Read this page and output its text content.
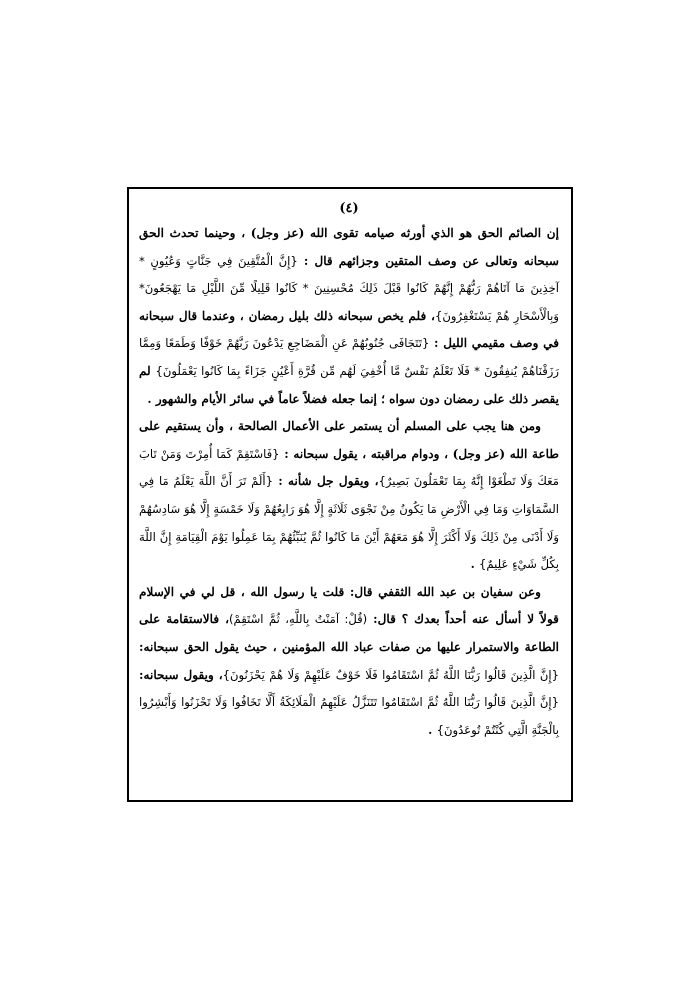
(٤)

إن الصائم الحق هو الذي أورثه صيامه تقوى الله (عز وجل) ، وحينما تحدث الحق سبحانه وتعالى عن وصف المتقين وجزائهم قال : {إِنَّ الْمُتَّقِينَ فِي جَنَّاتٍ وَعُيُونٍ * آخِذِينَ مَا آتَاهُمْ رَبُّهُمْ إِنَّهُمْ كَانُوا قَبْلَ ذَلِكَ مُحْسِنِينَ * كَانُوا قَلِيلًا مِّنَ اللَّيْلِ مَا يَهْجَعُونَ* وَبِالْأَسْحَارِ هُمْ يَسْتَغْفِرُونَ}، فلم يخص سبحانه ذلك بليل رمضان ، وعندما قال سبحانه في وصف مقيمي الليل : {تَتَجَافَى جُنُوبُهُمْ عَنِ الْمَضَاجِعِ يَدْعُونَ رَبَّهُمْ خَوْفًا وَطَمَعًا وَمِمَّا رَزَقْنَاهُمْ يُنفِقُونَ * فَلَا تَعْلَمُ نَفْسٌ مَّا أُخْفِيَ لَهُم مِّن قُرَّةِ أَعْيُنٍ جَزَاءً بِمَا كَانُوا يَعْمَلُونَ} لم يقصر ذلك على رمضان دون سواه ؛ إنما جعله فضلاً عاماً في سائر الأيام والشهور .

ومن هنا يجب على المسلم أن يستمر على الأعمال الصالحة ، وأن يستقيم على طاعة الله (عز وجل) ، ودوام مراقبته ، يقول سبحانه : {فَاسْتَقِمْ كَمَا أُمِرْتَ وَمَنْ تَابَ مَعَكَ وَلَا تَطْغَوْا إِنَّهُ بِمَا تَعْمَلُونَ بَصِيرٌ}، ويقول جل شأنه : {أَلَمْ تَرَ أَنَّ اللَّهَ يَعْلَمُ مَا فِي السَّمَاوَاتِ وَمَا فِي الْأَرْضِ مَا يَكُونُ مِنْ نَجْوَى ثَلَاثَةٍ إِلَّا هُوَ رَابِعُهُمْ وَلَا خَمْسَةٍ إِلَّا هُوَ سَادِسُهُمْ وَلَا أَدْنَى مِنْ ذَلِكَ وَلَا أَكْثَرَ إِلَّا هُوَ مَعَهُمْ أَيْنَ مَا كَانُوا ثُمَّ يُنَبِّئُهُمْ بِمَا عَمِلُوا يَوْمَ الْقِيَامَةِ إِنَّ اللَّهَ بِكُلِّ شَيْءٍ عَلِيمٌ} .

وعن سفيان بن عبد الله الثقفي قال: قلت يا رسول الله ، قل لي في الإسلام قولاً لا أسأل عنه أحداً بعدك ؟ قال: (قُلْ: آمَنْتُ بِاللَّهِ، ثُمَّ اسْتَقِمْ)، فالاستقامة على الطاعة والاستمرار عليها من صفات عباد الله المؤمنين ، حيث يقول الحق سبحانه: {إِنَّ الَّذِينَ قَالُوا رَبُّنَا اللَّهُ ثُمَّ اسْتَقَامُوا فَلَا خَوْفٌ عَلَيْهِمْ وَلَا هُمْ يَحْزَنُونَ}، ويقول سبحانه: {إِنَّ الَّذِينَ قَالُوا رَبُّنَا اللَّهُ ثُمَّ اسْتَقَامُوا تَتَنَزَّلُ عَلَيْهِمُ الْمَلَائِكَةُ أَلَّا تَخَافُوا وَلَا تَحْزَنُوا وَأَبْشِرُوا بِالْجَنَّةِ الَّتِي كُنْتُمْ تُوعَدُونَ} .
